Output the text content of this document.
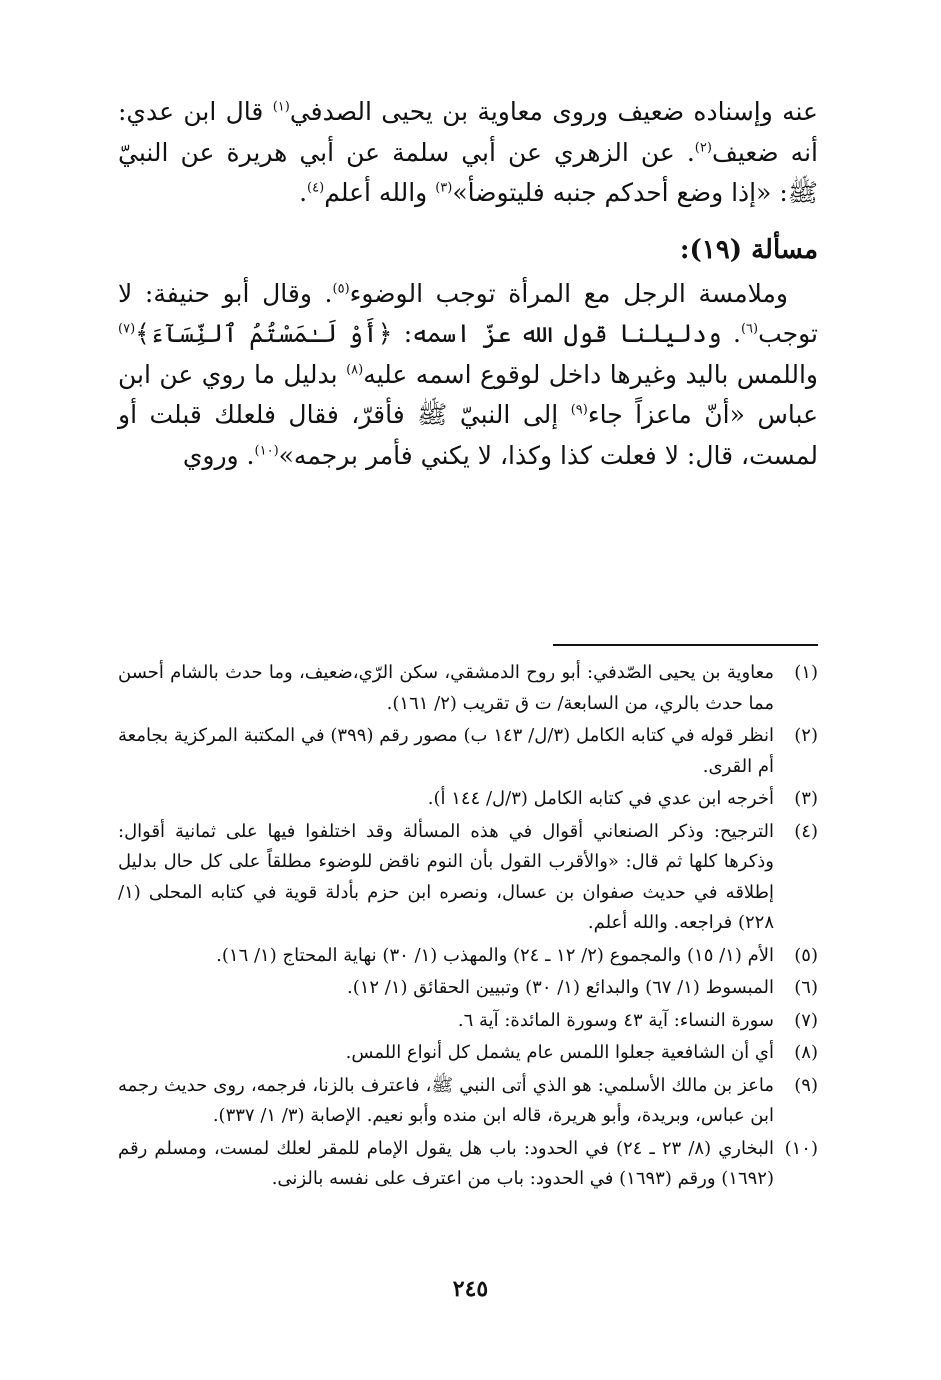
عنه وإسناده ضعيف وروى معاوية بن يحيى الصدفي$^{(١)}$ قال ابن عدي: أنه ضعيف$^{(٢)}$. عن الزهري عن أبي سلمة عن أبي هريرة عن النبيّ ﷺ: «إذا وضع أحدكم جنبه فليتوضأ»$^{(٣)}$ والله أعلم$^{(٤)}$.

مسألة (١٩):

وملامسة الرجل مع المرأة توجب الوضوء$^{(٥)}$. وقال أبو حنيفة: لا توجب$^{(٦)}$. ودليلنا قول الله عزّ اسمه: ﴿أَوْ لَـٰمَسْتُمُ ٱلنِّسَآءَ﴾$^{(٧)}$ واللمس باليد وغيرها داخل لوقوع اسمه عليه$^{(٨)}$ بدليل ما روي عن ابن عباس «أنّ ماعزاً جاء$^{(٩)}$ إلى النبيّ ﷺ فأقرّ، فقال فلعلك قبلت أو لمست، قال: لا فعلت كذا وكذا، لا يكني فأمر برجمه»$^{(١٠)}$. وروي

(١)
معاوية بن يحيى الصّدفي: أبو روح الدمشقي، سكن الرّي،ضعيف، وما حدث بالشام أحسن مما حدث بالري، من السابعة/ ت ق تقريب (٢/ ١٦١).
(٢)
انظر قوله في كتابه الكامل (٣/ل/ ١٤٣ ب) مصور رقم (٣٩٩) في المكتبة المركزية بجامعة أم القرى.
(٣)
أخرجه ابن عدي في كتابه الكامل (٣/ل/ ١٤٤ أ).
(٤)
الترجيح: وذكر الصنعاني أقوال في هذه المسألة وقد اختلفوا فيها على ثمانية أقوال: وذكرها كلها ثم قال: «والأقرب القول بأن النوم ناقض للوضوء مطلقاً على كل حال بدليل إطلاقه في حديث صفوان بن عسال، ونصره ابن حزم بأدلة قوية في كتابه المحلى (١/ ٢٢٨) فراجعه. والله أعلم.
(٥)
الأم (١/ ١٥) والمجموع (٢/ ١٢ ـ ٢٤) والمهذب (١/ ٣٠) نهاية المحتاج (١/ ١٦).
(٦)
المبسوط (١/ ٦٧) والبدائع (١/ ٣٠) وتبيين الحقائق (١/ ١٢).
(٧)
سورة النساء: آية ٤٣ وسورة المائدة: آية ٦.
(٨)
أي أن الشافعية جعلوا اللمس عام يشمل كل أنواع اللمس.
(٩)
ماعز بن مالك الأسلمي: هو الذي أتى النبي ﷺ، فاعترف بالزنا، فرجمه، روى حديث رجمه ابن عباس، وبريدة، وأبو هريرة، قاله ابن منده وأبو نعيم. الإصابة (٣/ ١/ ٣٣٧).
(١٠)
البخاري (٨/ ٢٣ ـ ٢٤) في الحدود: باب هل يقول الإمام للمقر لعلك لمست، ومسلم رقم (١٦٩٢) ورقم (١٦٩٣) في الحدود: باب من اعترف على نفسه بالزنى.
٢٤٥
